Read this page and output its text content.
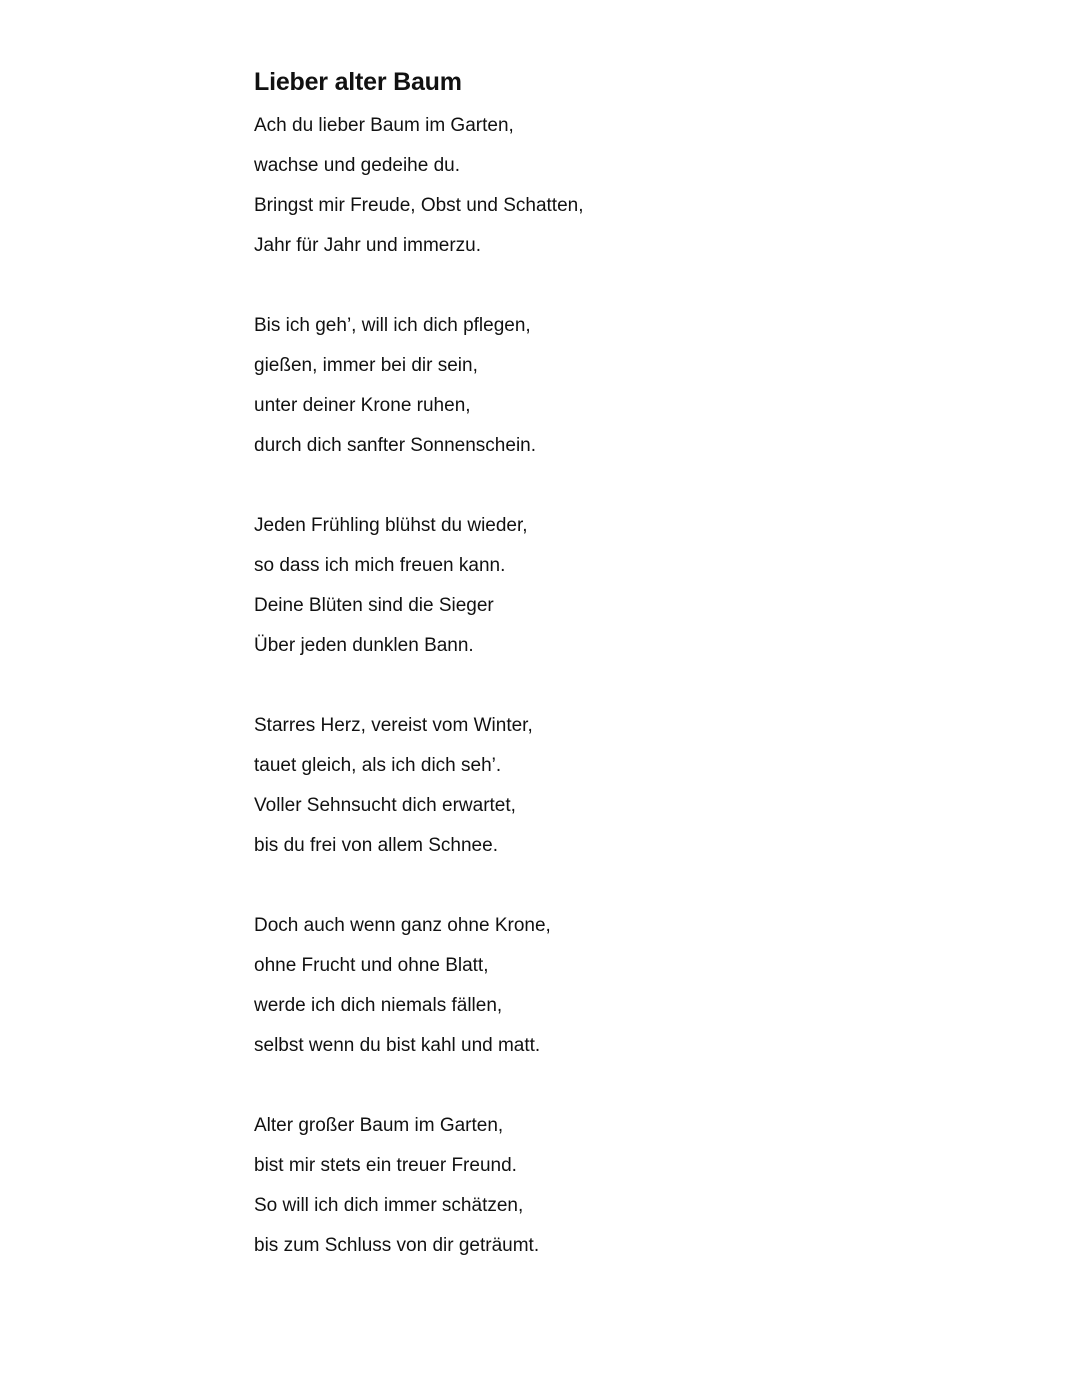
Lieber alter Baum
Ach du lieber Baum im Garten,
wachse und gedeihe du.
Bringst mir Freude, Obst und Schatten,
Jahr für Jahr und immerzu.
Bis ich geh’, will ich dich pflegen,
gießen, immer bei dir sein,
unter deiner Krone ruhen,
durch dich sanfter Sonnenschein.
Jeden Frühling blühst du wieder,
so dass ich mich freuen kann.
Deine Blüten sind die Sieger
Über jeden dunklen Bann.
Starres Herz, vereist vom Winter,
tauet gleich, als ich dich seh’.
Voller Sehnsucht dich erwartet,
bis du frei von allem Schnee.
Doch auch wenn ganz ohne Krone,
ohne Frucht und ohne Blatt,
werde ich dich niemals fällen,
selbst wenn du bist kahl und matt.
Alter großer Baum im Garten,
bist mir stets ein treuer Freund.
So will ich dich immer schätzen,
bis zum Schluss von dir geträumt.
